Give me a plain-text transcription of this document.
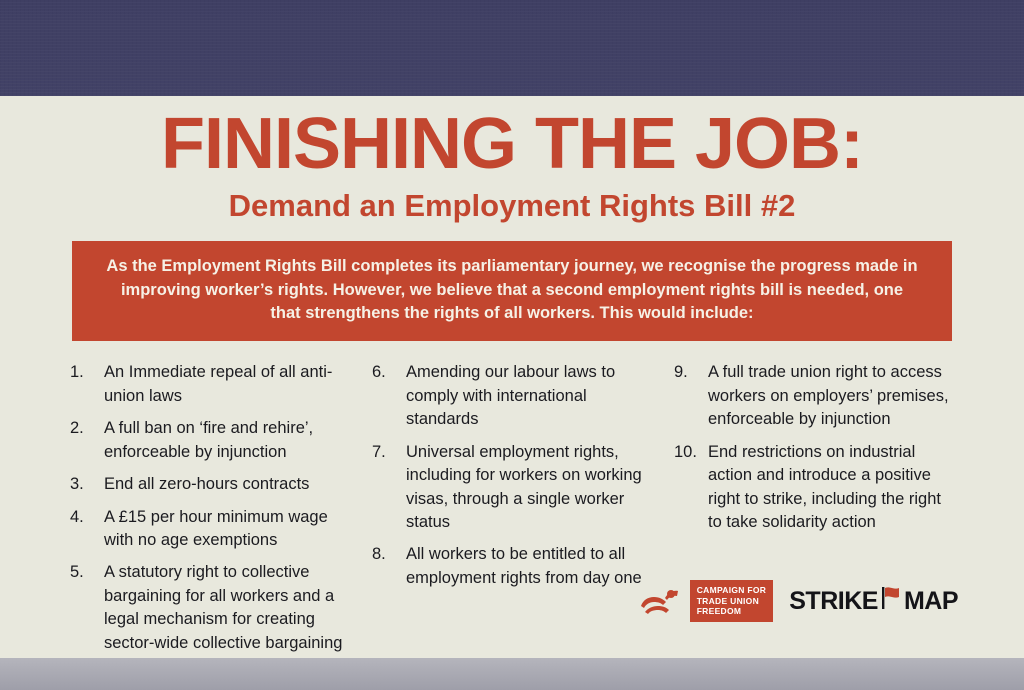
FINISHING THE JOB:
Demand an Employment Rights Bill #2
As the Employment Rights Bill completes its parliamentary journey, we recognise the progress made in improving worker’s rights. However, we believe that a second employment rights bill is needed, one that strengthens the rights of all workers. This would include:
1.	An Immediate repeal of all anti-union laws
2.	A full ban on ‘fire and rehire’, enforceable by injunction
3.	End all zero-hours contracts
4.	A £15 per hour minimum wage with no age exemptions
5.	A statutory right to collective bargaining for all workers and a legal mechanism for creating sector-wide collective bargaining
6.	Amending our labour laws to comply with international standards
7.	Universal employment rights, including for workers on working visas, through a single worker status
8.	All workers to be entitled to all employment rights from day one
9.	A full trade union right to access workers on employers’ premises, enforceable by injunction
10. End restrictions on industrial action and introduce a positive right to strike, including the right to take solidarity action
CAMPAIGN FOR
TRADE UNION
FREEDOM	STRIKE MAP
